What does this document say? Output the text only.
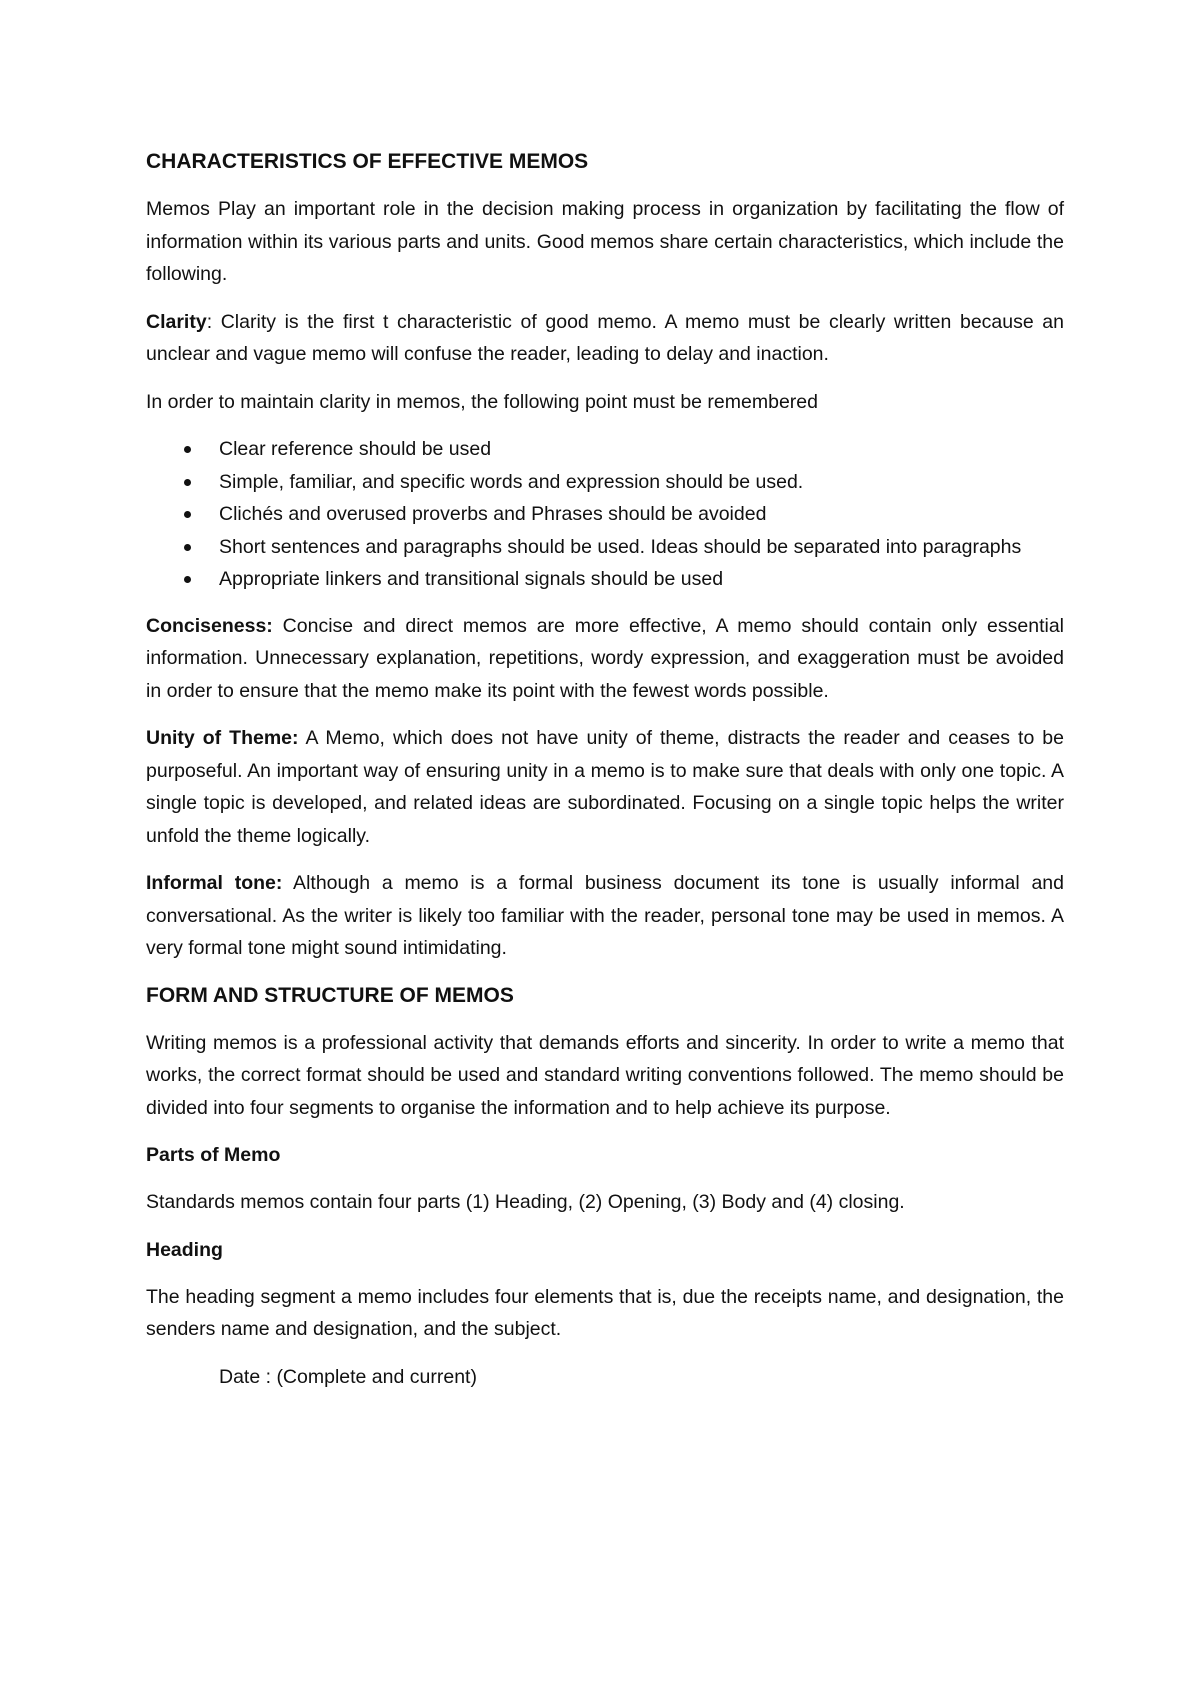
CHARACTERISTICS OF EFFECTIVE MEMOS

Memos Play an important role in the decision making process in organization by facilitating the flow of information within its various parts and units. Good memos share certain characteristics, which include the following.

Clarity: Clarity is the first t characteristic of good memo. A memo must be clearly written because an unclear and vague memo will confuse the reader, leading to delay and inaction.

In order to maintain clarity in memos, the following point must be remembered

Clear reference should be used
Simple, familiar, and specific words and expression should be used.
Clichés and overused proverbs and Phrases should be avoided
Short sentences and paragraphs should be used. Ideas should be separated into paragraphs
Appropriate linkers and transitional signals should be used

Conciseness: Concise and direct memos are more effective, A memo should contain only essential information. Unnecessary explanation, repetitions, wordy expression, and exaggeration must be avoided in order to ensure that the memo make its point with the fewest words possible.

Unity of Theme: A Memo, which does not have unity of theme, distracts the reader and ceases to be purposeful. An important way of ensuring unity in a memo is to make sure that deals with only one topic. A single topic is developed, and related ideas are subordinated. Focusing on a single topic helps the writer unfold the theme logically.

Informal tone: Although a memo is a formal business document its tone is usually informal and conversational. As the writer is likely too familiar with the reader, personal tone may be used in memos. A very formal tone might sound intimidating.

FORM AND STRUCTURE OF MEMOS

Writing memos is a professional activity that demands efforts and sincerity. In order to write a memo that works, the correct format should be used and standard writing conventions followed. The memo should be divided into four segments to organise the information and to help achieve its purpose.

Parts of Memo

Standards memos contain four parts (1) Heading, (2) Opening, (3) Body and (4) closing.

Heading

The heading segment a memo includes four elements that is, due the receipts name, and designation, the senders name and designation, and the subject.

Date : (Complete and current)
